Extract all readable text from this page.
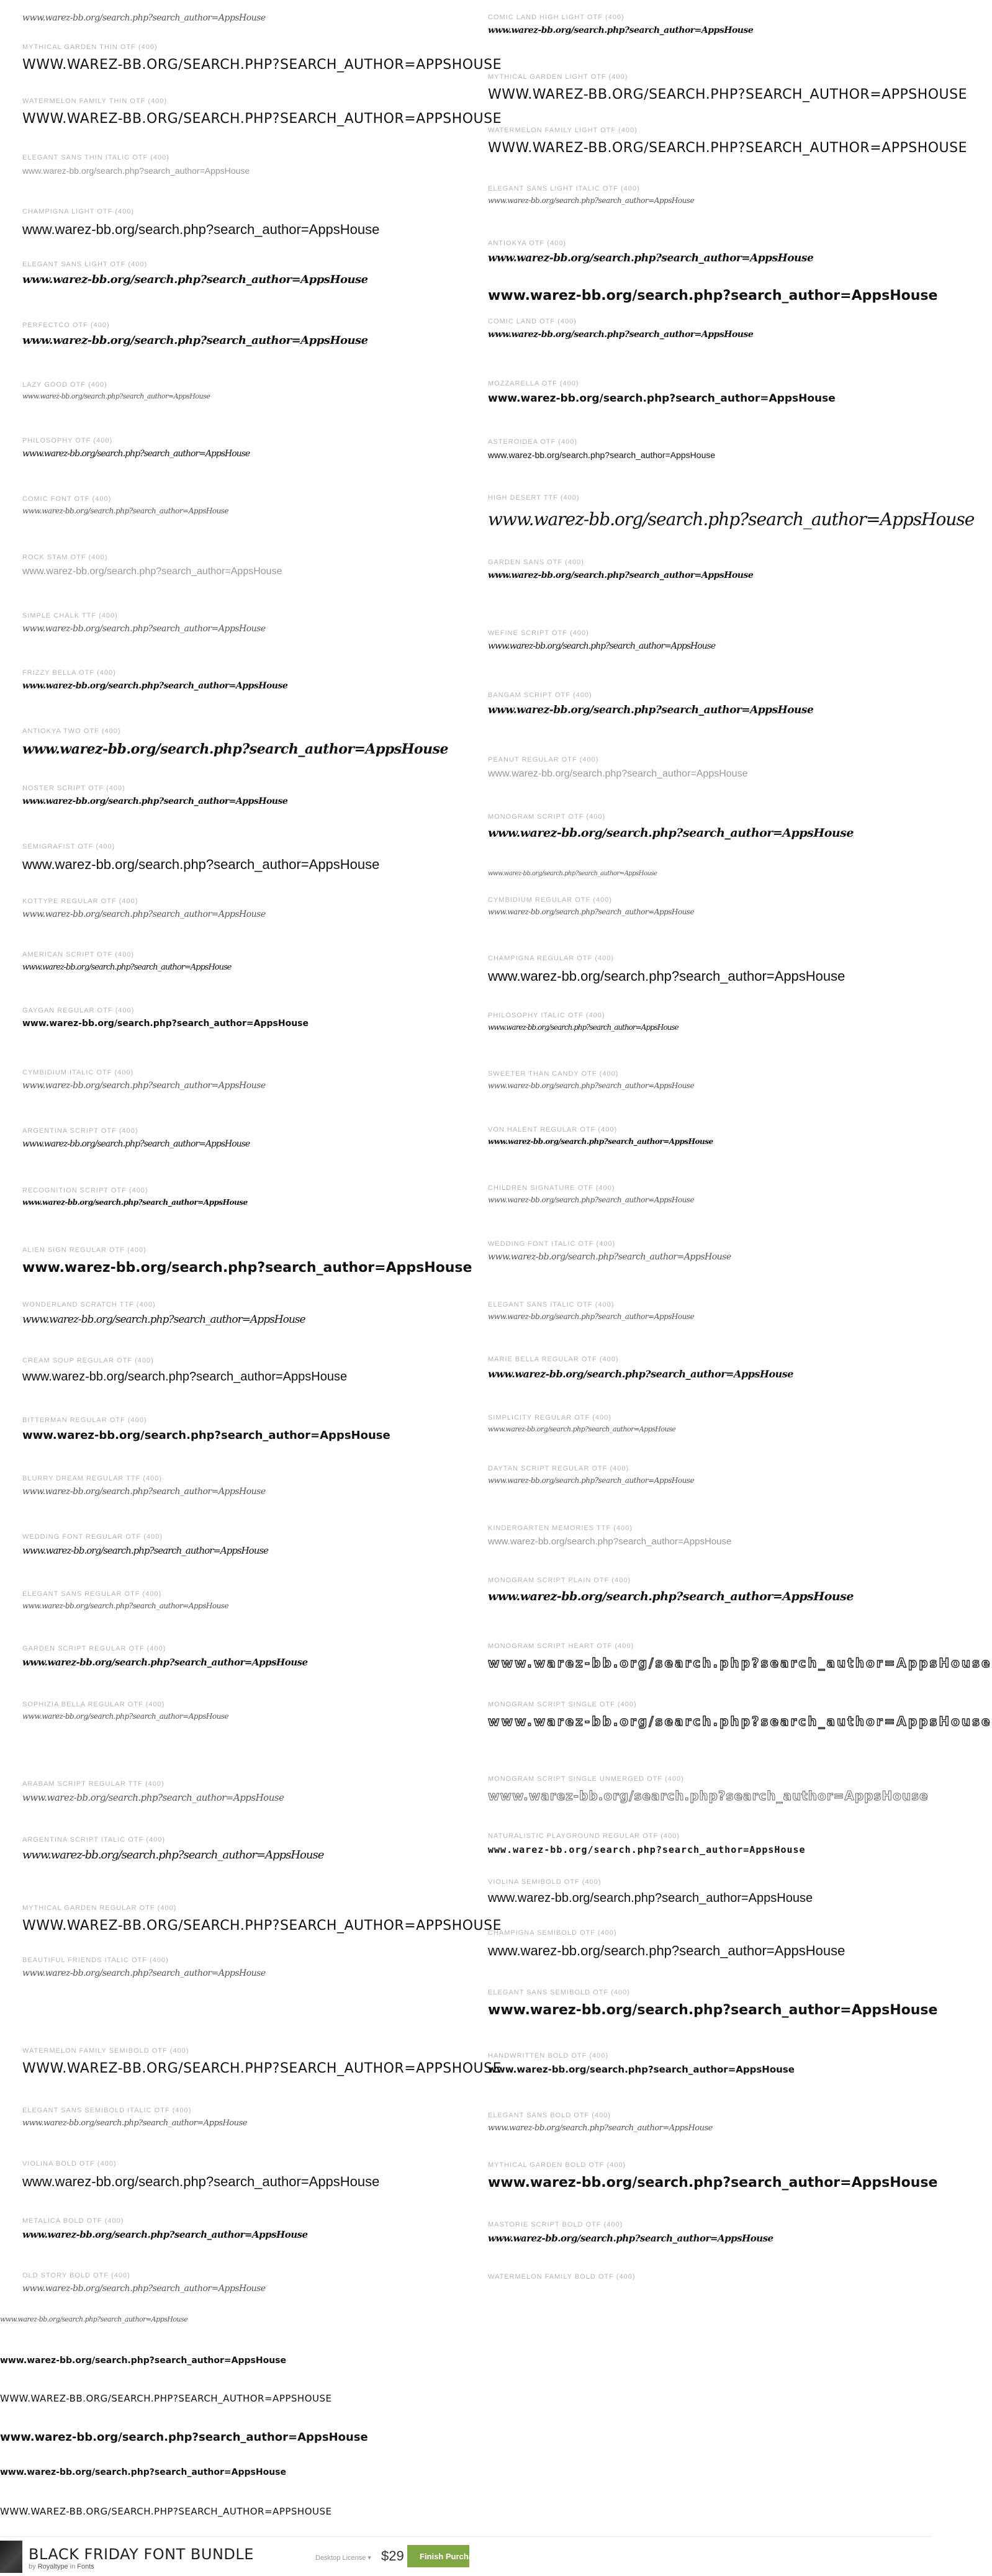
www.warez-bb.org/search.php?search_author=AppsHouse
MYTHICAL GARDEN THIN OTF (400)
WWW.WAREZ-BB.ORG/SEARCH.PHP?SEARCH_AUTHOR=APPSHOUSE
WATERMELON FAMILY THIN OTF (400)
WWW.WAREZ-BB.ORG/SEARCH.PHP?SEARCH_AUTHOR=APPSHOUSE
ELEGANT SANS THIN ITALIC OTF (400)
www.warez-bb.org/search.php?search_author=AppsHouse
CHAMPIGNA LIGHT OTF (400)
www.warez-bb.org/search.php?search_author=AppsHouse
ELEGANT SANS LIGHT OTF (400)
www.warez-bb.org/search.php?search_author=AppsHouse
PERFECTCO OTF (400)
www.warez-bb.org/search.php?search_author=AppsHouse
LAZY GOOD OTF (400)
www.warez-bb.org/search.php?search_author=AppsHouse
PHILOSOPHY OTF (400)
www.warez-bb.org/search.php?search_author=AppsHouse
COMIC FONT OTF (400)
www.warez-bb.org/search.php?search_author=AppsHouse
ROCK STAM OTF (400)
www.warez-bb.org/search.php?search_author=AppsHouse
SIMPLE CHALK TTF (400)
www.warez-bb.org/search.php?search_author=AppsHouse
FRIZZY BELLA OTF (400)
www.warez-bb.org/search.php?search_author=AppsHouse
ANTIOKYA TWO OTF (400)
www.warez-bb.org/search.php?search_author=AppsHouse
NOSTER SCRIPT OTF (400)
www.warez-bb.org/search.php?search_author=AppsHouse
SEMIGRAFIST OTF (400)
www.warez-bb.org/search.php?search_author=AppsHouse
KOTTYPE REGULAR OTF (400)
www.warez-bb.org/search.php?search_author=AppsHouse
AMERICAN SCRIPT OTF (400)
www.warez-bb.org/search.php?search_author=AppsHouse
GAYGAN REGULAR OTF (400)
www.warez-bb.org/search.php?search_author=AppsHouse
CYMBIDIUM ITALIC OTF (400)
www.warez-bb.org/search.php?search_author=AppsHouse
ARGENTINA SCRIPT OTF (400)
www.warez-bb.org/search.php?search_author=AppsHouse
RECOGNITION SCRIPT OTF (400)
www.warez-bb.org/search.php?search_author=AppsHouse
ALIEN SIGN REGULAR OTF (400)
www.warez-bb.org/search.php?search_author=AppsHouse
WONDERLAND SCRATCH TTF (400)
www.warez-bb.org/search.php?search_author=AppsHouse
CREAM SOUP REGULAR OTF (400)
www.warez-bb.org/search.php?search_author=AppsHouse
BITTERMAN REGULAR OTF (400)
www.warez-bb.org/search.php?search_author=AppsHouse
BLURRY DREAM REGULAR TTF (400)
www.warez-bb.org/search.php?search_author=AppsHouse
WEDDING FONT REGULAR OTF (400)
www.warez-bb.org/search.php?search_author=AppsHouse
ELEGANT SANS REGULAR OTF (400)
www.warez-bb.org/search.php?search_author=AppsHouse
GARDEN SCRIPT REGULAR OTF (400)
www.warez-bb.org/search.php?search_author=AppsHouse
SOPHIZIA BELLA REGULAR OTF (400)
www.warez-bb.org/search.php?search_author=AppsHouse
ARABAM SCRIPT REGULAR TTF (400)
www.warez-bb.org/search.php?search_author=AppsHouse
ARGENTINA SCRIPT ITALIC OTF (400)
www.warez-bb.org/search.php?search_author=AppsHouse
MYTHICAL GARDEN REGULAR OTF (400)
WWW.WAREZ-BB.ORG/SEARCH.PHP?SEARCH_AUTHOR=APPSHOUSE
BEAUTIFUL FRIENDS ITALIC OTF (400)
www.warez-bb.org/search.php?search_author=AppsHouse
WATERMELON FAMILY SEMIBOLD OTF (400)
WWW.WAREZ-BB.ORG/SEARCH.PHP?SEARCH_AUTHOR=APPSHOUSE
ELEGANT SANS SEMIBOLD ITALIC OTF (400)
www.warez-bb.org/search.php?search_author=AppsHouse
VIOLINA BOLD OTF (400)
www.warez-bb.org/search.php?search_author=AppsHouse
METALICA BOLD OTF (400)
www.warez-bb.org/search.php?search_author=AppsHouse
OLD STORY BOLD OTF (400)
www.warez-bb.org/search.php?search_author=AppsHouse
COMIC LAND HIGH LIGHT OTF (400)
www.warez-bb.org/search.php?search_author=AppsHouse
MYTHICAL GARDEN LIGHT OTF (400)
WWW.WAREZ-BB.ORG/SEARCH.PHP?SEARCH_AUTHOR=APPSHOUSE
WATERMELON FAMILY LIGHT OTF (400)
WWW.WAREZ-BB.ORG/SEARCH.PHP?SEARCH_AUTHOR=APPSHOUSE
ELEGANT SANS LIGHT ITALIC OTF (400)
www.warez-bb.org/search.php?search_author=AppsHouse
ANTIOKYA OTF (400)
www.warez-bb.org/search.php?search_author=AppsHouse
www.warez-bb.org/search.php?search_author=AppsHouse
COMIC LAND OTF (400)
www.warez-bb.org/search.php?search_author=AppsHouse
MOZZARELLA OTF (400)
www.warez-bb.org/search.php?search_author=AppsHouse
ASTEROIDEA OTF (400)
www.warez-bb.org/search.php?search_author=AppsHouse
HIGH DESERT TTF (400)
www.warez-bb.org/search.php?search_author=AppsHouse
GARDEN SANS OTF (400)
www.warez-bb.org/search.php?search_author=AppsHouse
WEFINE SCRIPT OTF (400)
www.warez-bb.org/search.php?search_author=AppsHouse
BANGAM SCRIPT OTF (400)
www.warez-bb.org/search.php?search_author=AppsHouse
PEANUT REGULAR OTF (400)
www.warez-bb.org/search.php?search_author=AppsHouse
MONOGRAM SCRIPT OTF (400)
www.warez-bb.org/search.php?search_author=AppsHouse
www.warez-bb.org/search.php?search_author=AppsHouse
CYMBIDIUM REGULAR OTF (400)
www.warez-bb.org/search.php?search_author=AppsHouse
CHAMPIGNA REGULAR OTF (400)
www.warez-bb.org/search.php?search_author=AppsHouse
PHILOSOPHY ITALIC OTF (400)
www.warez-bb.org/search.php?search_author=AppsHouse
SWEETER THAN CANDY OTF (400)
www.warez-bb.org/search.php?search_author=AppsHouse
VON HALENT REGULAR OTF (400)
www.warez-bb.org/search.php?search_author=AppsHouse
CHILDREN SIGNATURE OTF (400)
www.warez-bb.org/search.php?search_author=AppsHouse
WEDDING FONT ITALIC OTF (400)
www.warez-bb.org/search.php?search_author=AppsHouse
ELEGANT SANS ITALIC OTF (400)
www.warez-bb.org/search.php?search_author=AppsHouse
MARIE BELLA REGULAR OTF (400)
www.warez-bb.org/search.php?search_author=AppsHouse
SIMPLICITY REGULAR OTF (400)
www.warez-bb.org/search.php?search_author=AppsHouse
DAYTAN SCRIPT REGULAR OTF (400)
www.warez-bb.org/search.php?search_author=AppsHouse
KINDERGARTEN MEMORIES TTF (400)
www.warez-bb.org/search.php?search_author=AppsHouse
MONOGRAM SCRIPT PLAIN OTF (400)
www.warez-bb.org/search.php?search_author=AppsHouse
MONOGRAM SCRIPT HEART OTF (400)
www.warez-bb.org/search.php?search_author=AppsHouse
MONOGRAM SCRIPT SINGLE OTF (400)
www.warez-bb.org/search.php?search_author=AppsHouse
MONOGRAM SCRIPT SINGLE UNMERGED OTF (400)
www.warez-bb.org/search.php?search_author=AppsHouse
NATURALISTIC PLAYGROUND REGULAR OTF (400)
www.warez-bb.org/search.php?search_author=AppsHouse
VIOLINA SEMIBOLD OTF (400)
www.warez-bb.org/search.php?search_author=AppsHouse
CHAMPIGNA SEMIBOLD OTF (400)
www.warez-bb.org/search.php?search_author=AppsHouse
ELEGANT SANS SEMIBOLD OTF (400)
www.warez-bb.org/search.php?search_author=AppsHouse
HANDWRITTEN BOLD OTF (400)
www.warez-bb.org/search.php?search_author=AppsHouse
ELEGANT SANS BOLD OTF (400)
www.warez-bb.org/search.php?search_author=AppsHouse
MYTHICAL GARDEN BOLD OTF (400)
www.warez-bb.org/search.php?search_author=AppsHouse
MASTORIE SCRIPT BOLD OTF (400)
www.warez-bb.org/search.php?search_author=AppsHouse
WATERMELON FAMILY BOLD OTF (400)
www.warez-bb.org/search.php?search_author=AppsHouse
www.warez-bb.org/search.php?search_author=AppsHouse
WWW.WAREZ-BB.ORG/SEARCH.PHP?SEARCH_AUTHOR=APPSHOUSE
www.warez-bb.org/search.php?search_author=AppsHouse
www.warez-bb.org/search.php?search_author=AppsHouse
WWW.WAREZ-BB.ORG/SEARCH.PHP?SEARCH_AUTHOR=APPSHOUSE
BLACK FRIDAY FONT BUNDLE
by Royaltype in Fonts
Desktop License ▾ $29	Finish Purchase
